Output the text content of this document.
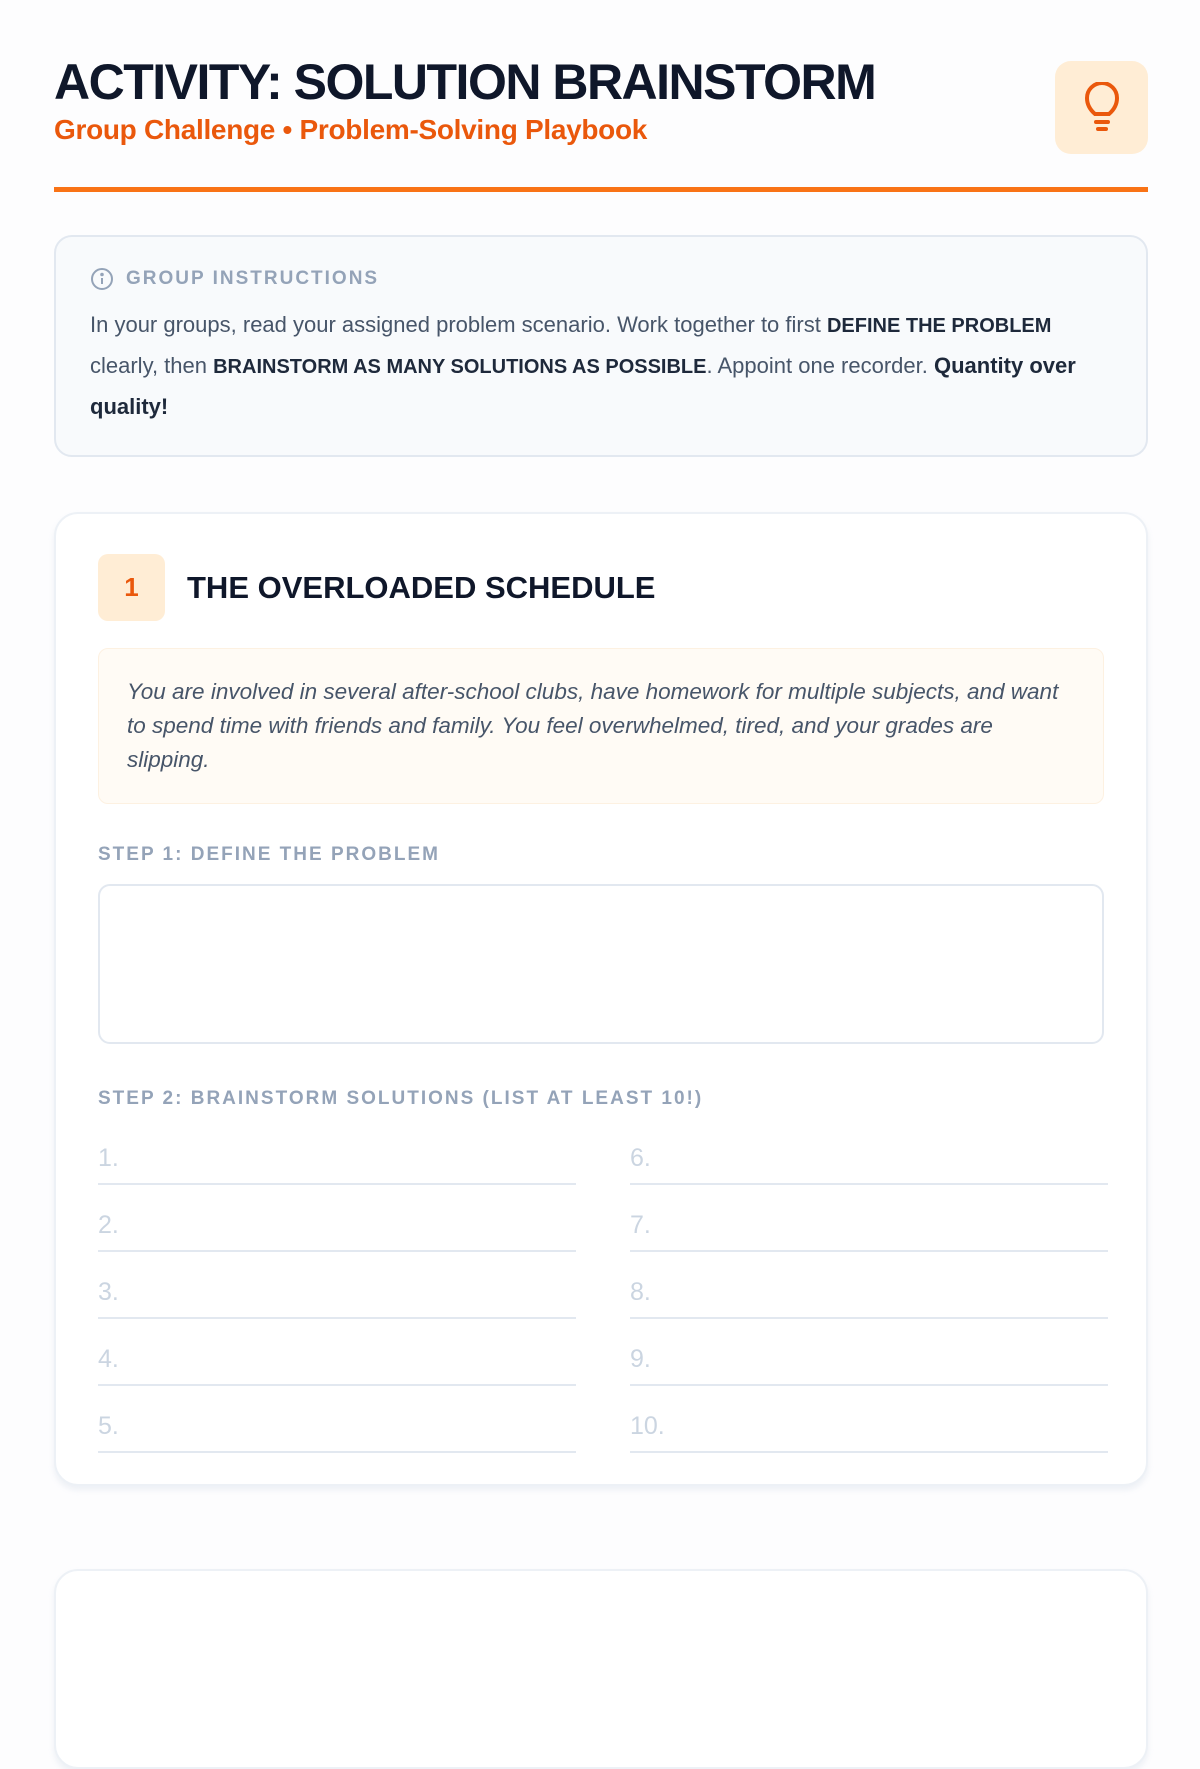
ACTIVITY: SOLUTION BRAINSTORM
Group Challenge • Problem-Solving Playbook
GROUP INSTRUCTIONS

In your groups, read your assigned problem scenario. Work together to first DEFINE THE PROBLEM clearly, then BRAINSTORM AS MANY SOLUTIONS AS POSSIBLE. Appoint one recorder. Quantity over quality!

1	THE OVERLOADED SCHEDULE
You are involved in several after-school clubs, have homework for multiple subjects, and want to spend time with friends and family. You feel overwhelmed, tired, and your grades are slipping.
STEP 1: DEFINE THE PROBLEM
STEP 2: BRAINSTORM SOLUTIONS (LIST AT LEAST 10!)
1.	6.
2.	7.
3.	8.
4.	9.
5.	10.
